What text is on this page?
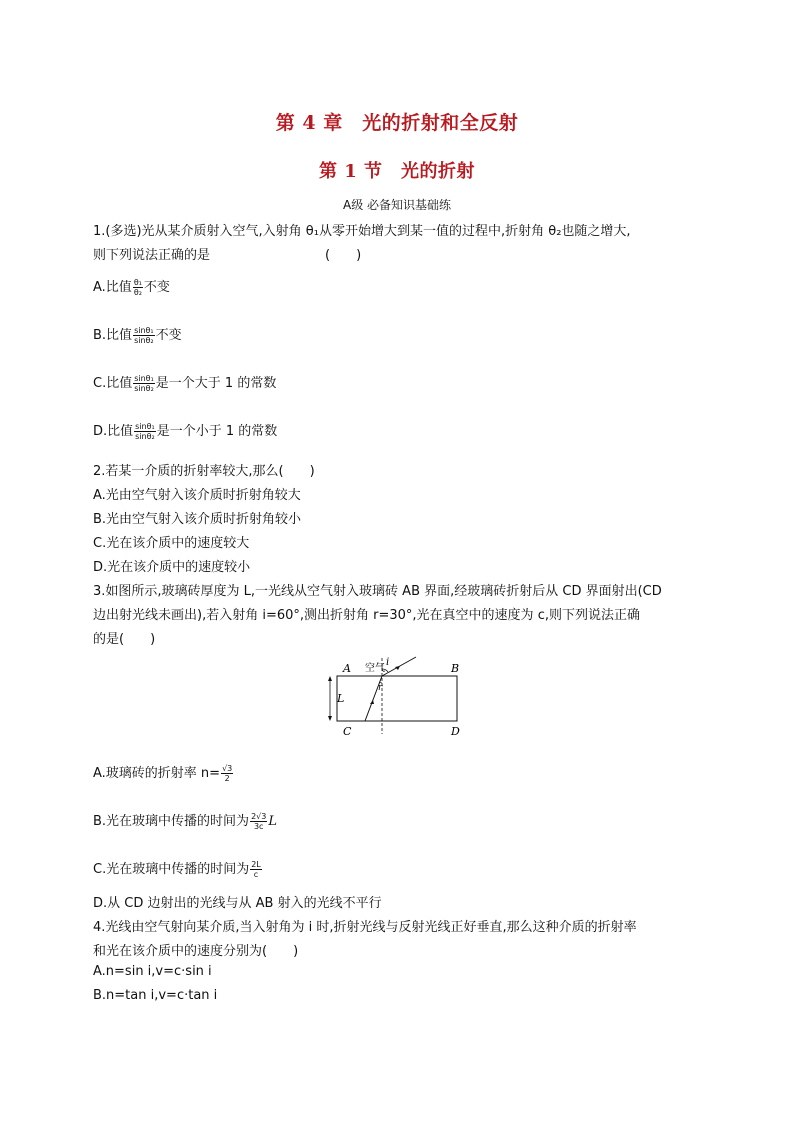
第 4 章　光的折射和全反射
第 1 节　光的折射
A级 必备知识基础练
1.(多选)光从某介质射入空气,入射角 θ₁从零开始增大到某一值的过程中,折射角 θ₂也随之增大,
则下列说法正确的是	(　　)
A.比值 $\frac{\text{θ₁}}{\text{θ₂}}$ 不变
B.比值 $\frac{\text{sinθ₁}}{\text{sinθ₂}}$ 不变
C.比值 $\frac{\text{sinθ₁}}{\text{sinθ₂}}$ 是一个大于 1 的常数
D.比值 $\frac{\text{sinθ₁}}{\text{sinθ₂}}$ 是一个小于 1 的常数
2.若某一介质的折射率较大,那么(　　)
A.光由空气射入该介质时折射角较大
B.光由空气射入该介质时折射角较小
C.光在该介质中的速度较大
D.光在该介质中的速度较小
3.如图所示,玻璃砖厚度为 L,一光线从空气射入玻璃砖 AB 界面,经玻璃砖折射后从 CD 界面射出(CD
边出射光线未画出),若入射角 i=60°,测出折射角 r=30°,光在真空中的速度为 c,则下列说法正确
的是(　　)
A	B
C	D
L
空气
i
r
A.玻璃砖的折射率 $n= \frac{√3}{2}$
B.光在玻璃中传播的时间为 $\frac{2√3}{3c}$ L
C.光在玻璃中传播的时间为 $\frac{2L}{c}$
D.从 CD 边射出的光线与从 AB 射入的光线不平行
4.光线由空气射向某介质,当入射角为 i 时,折射光线与反射光线正好垂直,那么这种介质的折射率
和光在该介质中的速度分别为(　　)
A.n=sin i,v=c·sin i
B.n=tan i,v=c·tan i
